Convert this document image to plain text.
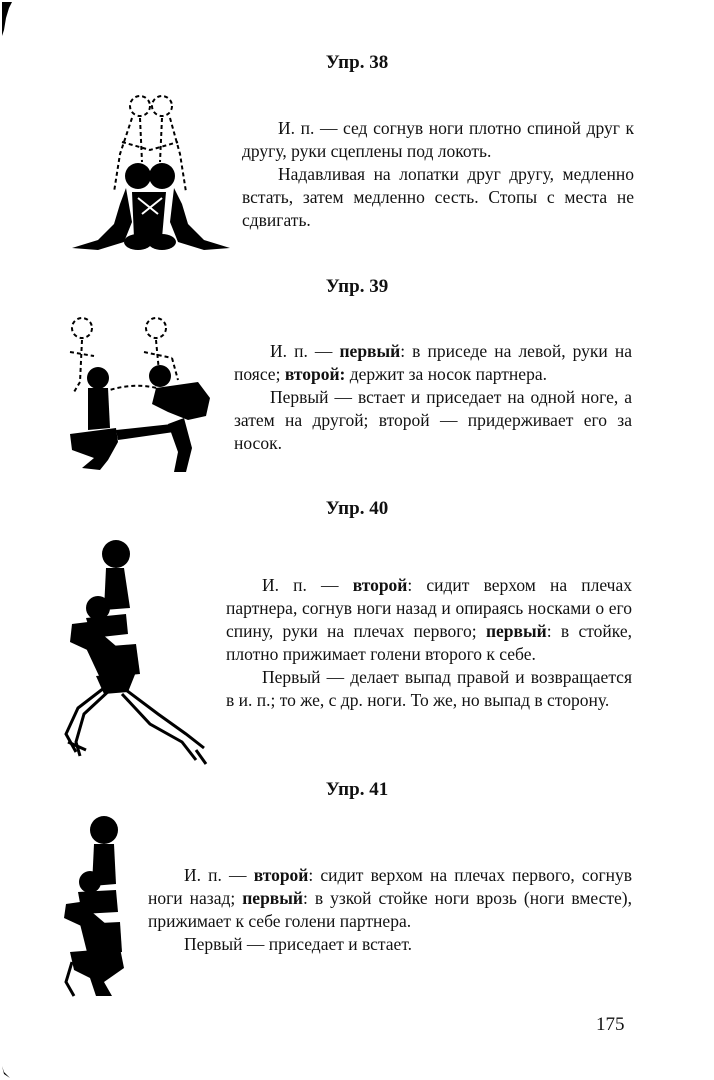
Упр. 38

И. п. — сед согнув ноги плотно спиной друг к другу, руки сцеплены под локоть.

Надавливая на лопатки друг другу, медленно встать, затем медленно сесть. Стопы с места не сдвигать.

Упр. 39

И. п. — первый: в приседе на левой, руки на поясе; второй: держит за носок партнера.

Первый — встает и приседает на одной ноге, а затем на другой; второй — придерживает его за носок.

Упр. 40

И. п. — второй: сидит верхом на плечах партнера, согнув ноги назад и опираясь носками о его спину, руки на плечах первого; первый: в стойке, плотно прижимает голени второго к себе.

Первый — делает выпад правой и возвращается в и. п.; то же, с др. ноги. То же, но выпад в сторону.

Упр. 41

И. п. — второй: сидит верхом на плечах первого, согнув ноги назад; первый: в узкой стойке ноги врозь (ноги вместе), прижимает к себе голени партнера.

Первый — приседает и встает.

175
